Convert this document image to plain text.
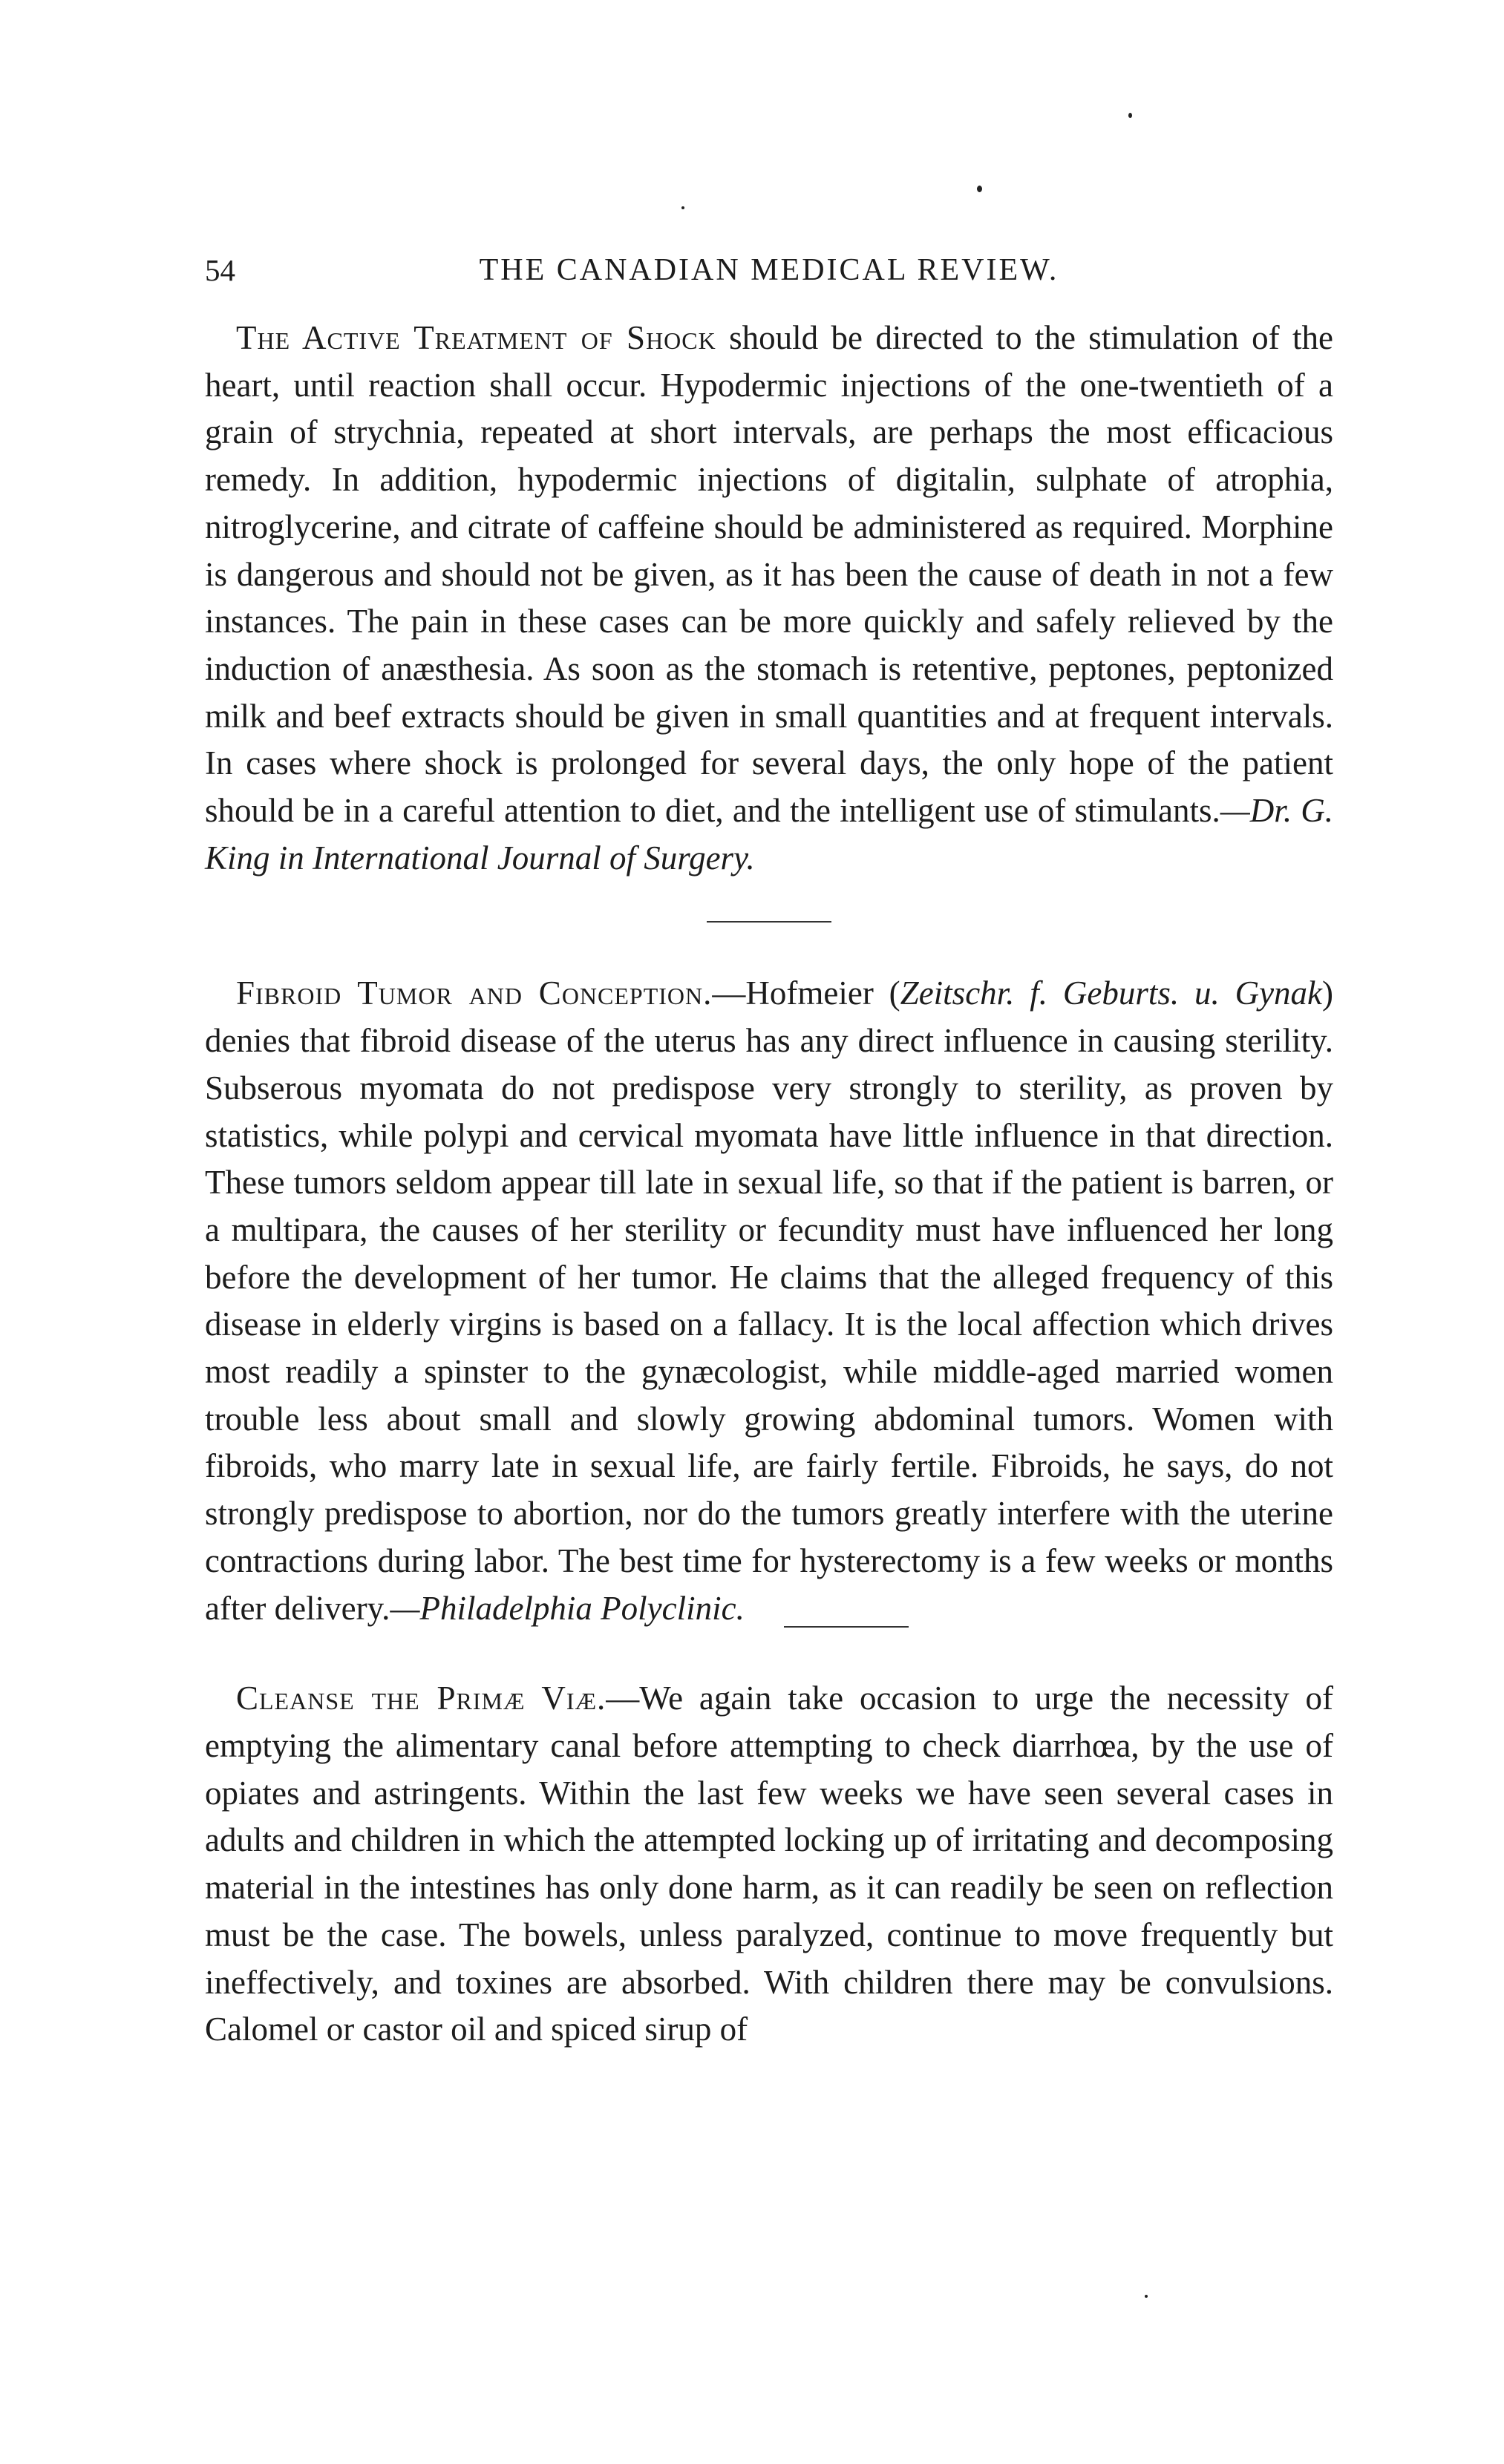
54	THE CANADIAN MEDICAL REVIEW.

The Active Treatment of Shock should be directed to the stimulation of the heart, until reaction shall occur. Hypodermic injections of the one-twentieth of a grain of strychnia, repeated at short intervals, are perhaps the most efficacious remedy. In addition, hypodermic injections of digitalin, sulphate of atrophia, nitroglycerine, and citrate of caffeine should be administered as required. Morphine is dangerous and should not be given, as it has been the cause of death in not a few instances. The pain in these cases can be more quickly and safely relieved by the induction of anæsthesia. As soon as the stomach is retentive, peptones, peptonized milk and beef extracts should be given in small quantities and at frequent intervals. In cases where shock is prolonged for several days, the only hope of the patient should be in a careful attention to diet, and the intelligent use of stimulants.—Dr. G. King in International Journal of Surgery.

Fibroid Tumor and Conception.—Hofmeier (Zeitschr. f. Geburts. u. Gynak) denies that fibroid disease of the uterus has any direct influence in causing sterility. Subserous myomata do not predispose very strongly to sterility, as proven by statistics, while polypi and cervical myomata have little influence in that direction. These tumors seldom appear till late in sexual life, so that if the patient is barren, or a multipara, the causes of her sterility or fecundity must have influenced her long before the development of her tumor. He claims that the alleged frequency of this disease in elderly virgins is based on a fallacy. It is the local affection which drives most readily a spinster to the gynæcologist, while middle-aged married women trouble less about small and slowly growing abdominal tumors. Women with fibroids, who marry late in sexual life, are fairly fertile. Fibroids, he says, do not strongly predispose to abortion, nor do the tumors greatly interfere with the uterine contractions during labor. The best time for hysterectomy is a few weeks or months after delivery.—Philadelphia Polyclinic.

Cleanse the Primæ Viæ.—We again take occasion to urge the necessity of emptying the alimentary canal before attempting to check diarrhœa, by the use of opiates and astringents. Within the last few weeks we have seen several cases in adults and children in which the attempted locking up of irritating and decomposing material in the intestines has only done harm, as it can readily be seen on reflection must be the case. The bowels, unless paralyzed, continue to move frequently but ineffectively, and toxines are absorbed. With children there may be convulsions. Calomel or castor oil and spiced sirup of
